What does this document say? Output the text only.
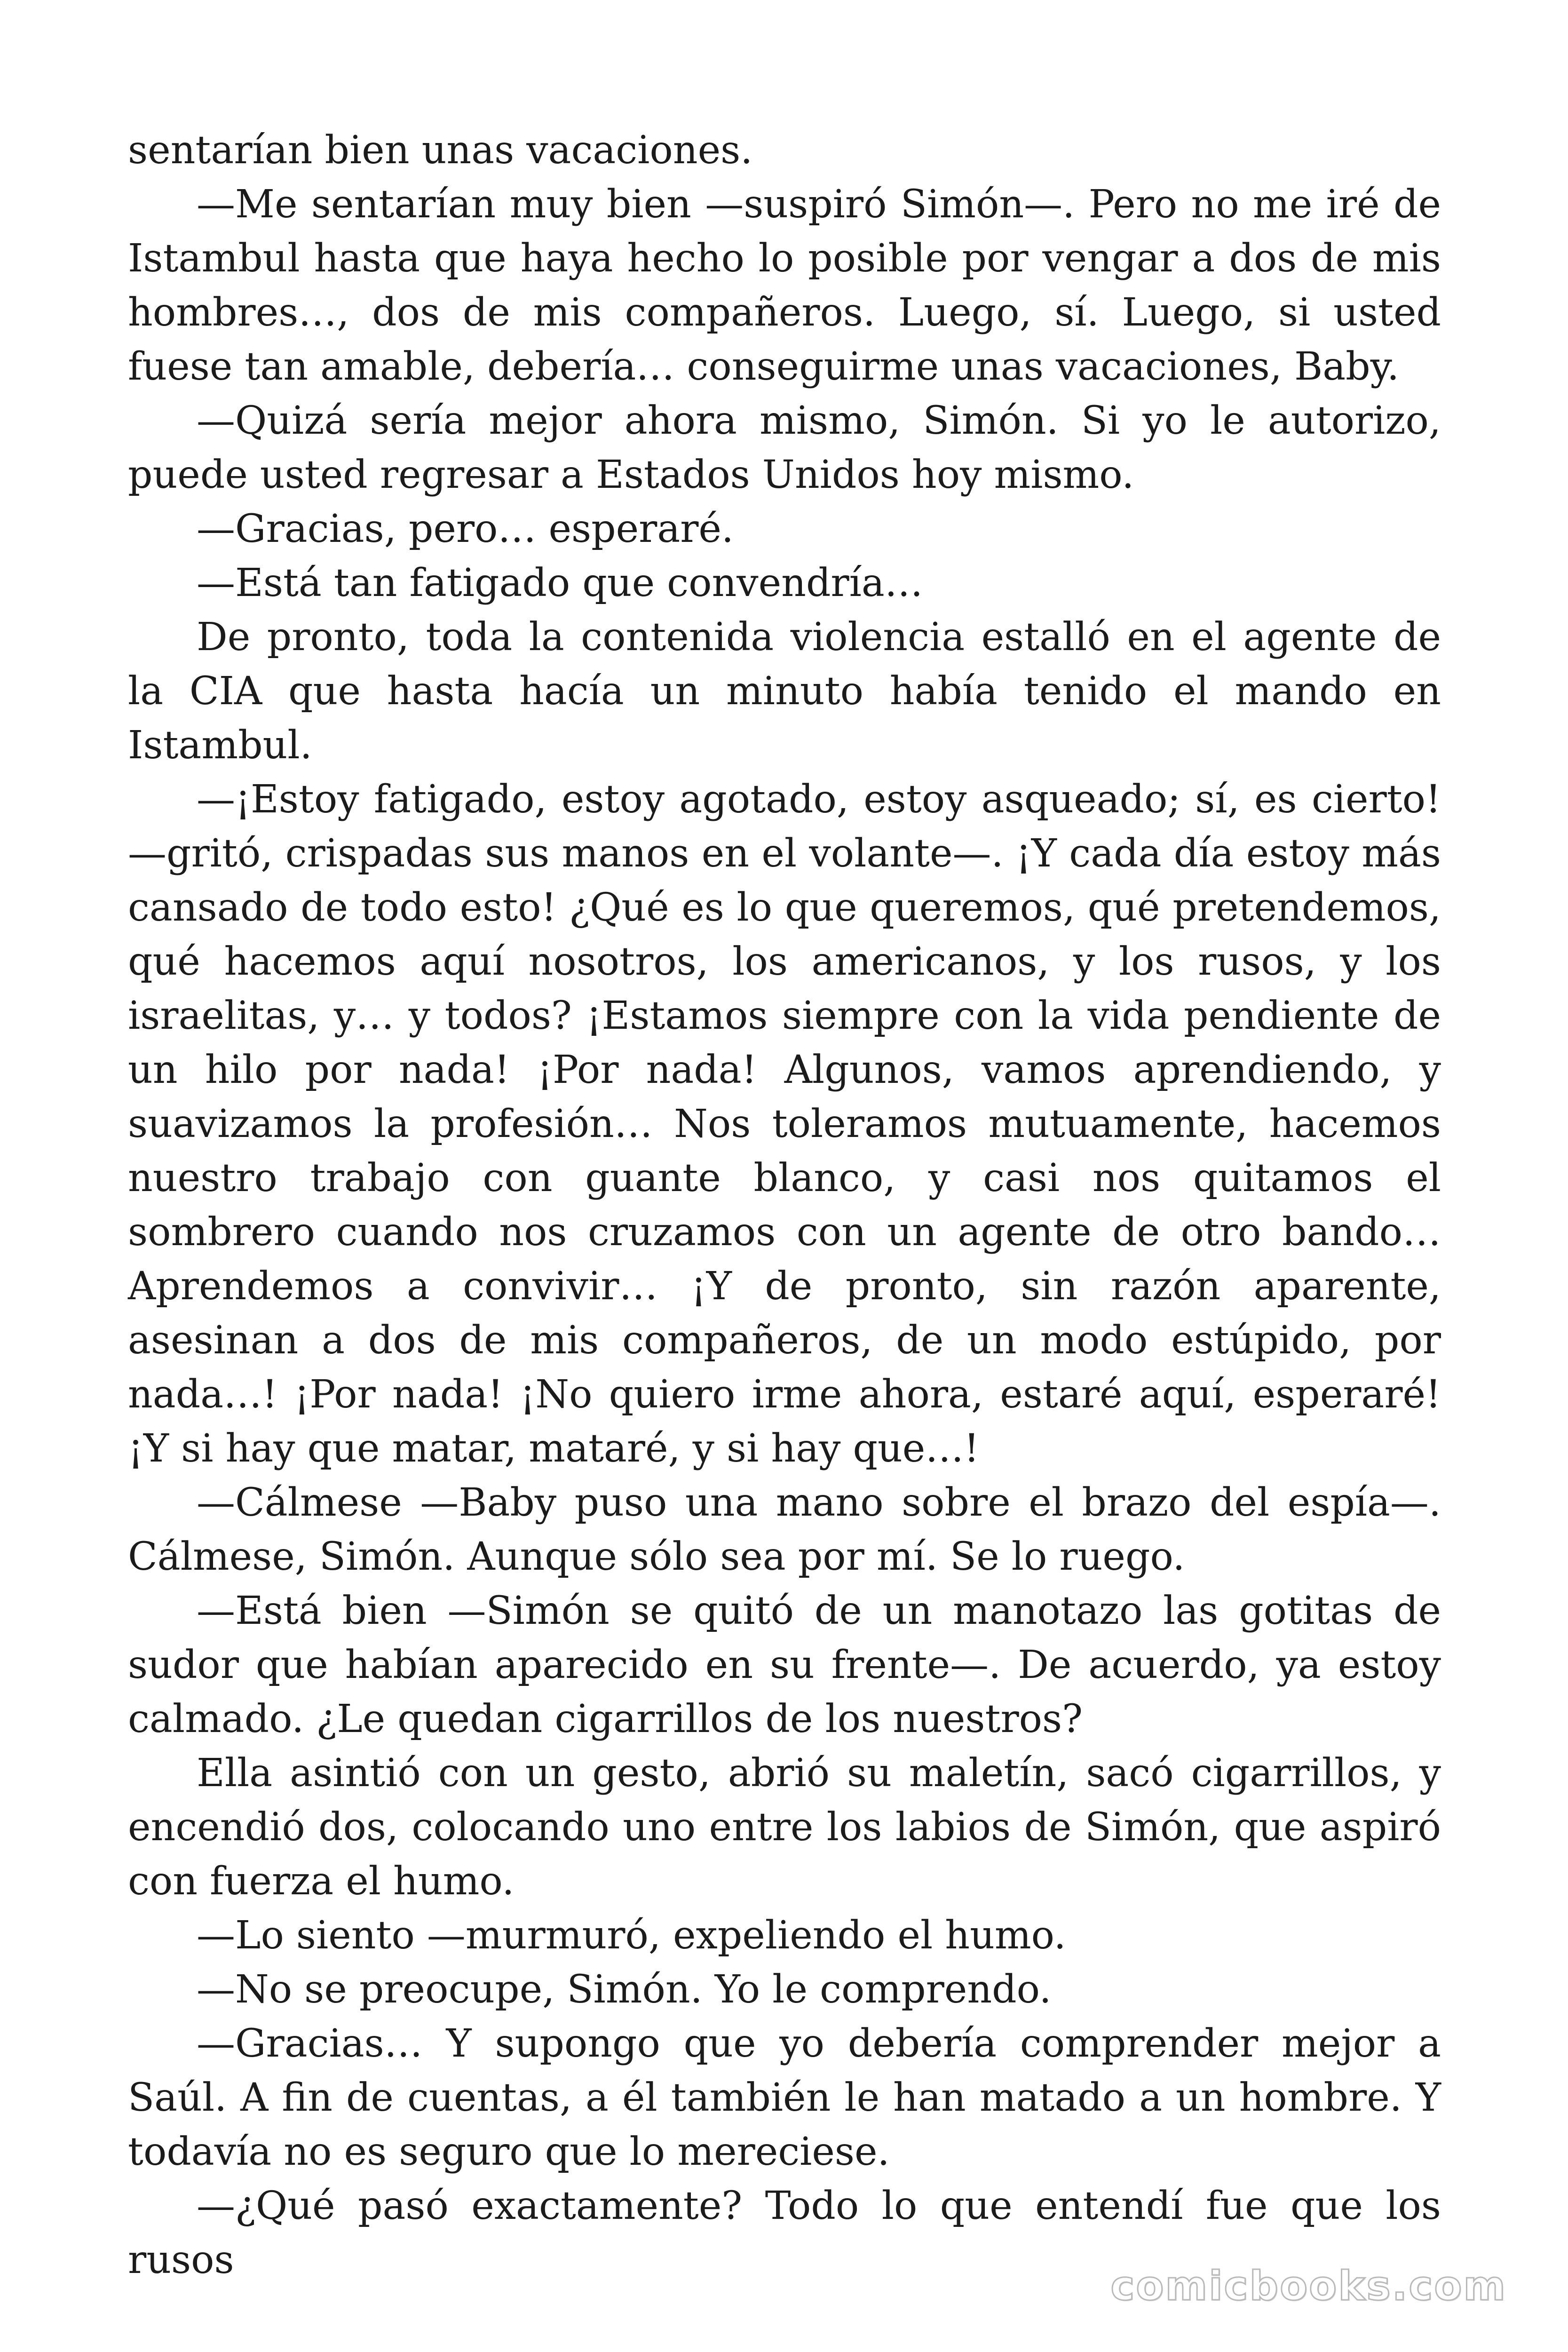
sentarían bien unas vacaciones.

—Me sentarían muy bien —suspiró Simón—. Pero no me iré de Istambul hasta que haya hecho lo posible por vengar a dos de mis hombres…, dos de mis compañeros. Luego, sí. Luego, si usted fuese tan amable, debería… conseguirme unas vacaciones, Baby.

—Quizá sería mejor ahora mismo, Simón. Si yo le autorizo, puede usted regresar a Estados Unidos hoy mismo.

—Gracias, pero… esperaré.

—Está tan fatigado que convendría…

De pronto, toda la contenida violencia estalló en el agente de la CIA que hasta hacía un minuto había tenido el mando en Istambul.

—¡Estoy fatigado, estoy agotado, estoy asqueado; sí, es cierto! —gritó, crispadas sus manos en el volante—. ¡Y cada día estoy más cansado de todo esto! ¿Qué es lo que queremos, qué pretendemos, qué hacemos aquí nosotros, los americanos, y los rusos, y los israelitas, y… y todos? ¡Estamos siempre con la vida pendiente de un hilo por nada! ¡Por nada! Algunos, vamos aprendiendo, y suavizamos la profesión… Nos toleramos mutuamente, hacemos nuestro trabajo con guante blanco, y casi nos quitamos el sombrero cuando nos cruzamos con un agente de otro bando… Aprendemos a convivir… ¡Y de pronto, sin razón aparente, asesinan a dos de mis compañeros, de un modo estúpido, por nada…! ¡Por nada! ¡No quiero irme ahora, estaré aquí, esperaré! ¡Y si hay que matar, mataré, y si hay que…!

—Cálmese —Baby puso una mano sobre el brazo del espía—. Cálmese, Simón. Aunque sólo sea por mí. Se lo ruego.

—Está bien —Simón se quitó de un manotazo las gotitas de sudor que habían aparecido en su frente—. De acuerdo, ya estoy calmado. ¿Le quedan cigarrillos de los nuestros?

Ella asintió con un gesto, abrió su maletín, sacó cigarrillos, y encendió dos, colocando uno entre los labios de Simón, que aspiró con fuerza el humo.

—Lo siento —murmuró, expeliendo el humo.

—No se preocupe, Simón. Yo le comprendo.

—Gracias… Y supongo que yo debería comprender mejor a Saúl. A fin de cuentas, a él también le han matado a un hombre. Y todavía no es seguro que lo mereciese.

—¿Qué pasó exactamente? Todo lo que entendí fue que los rusos

comicbooks.com
